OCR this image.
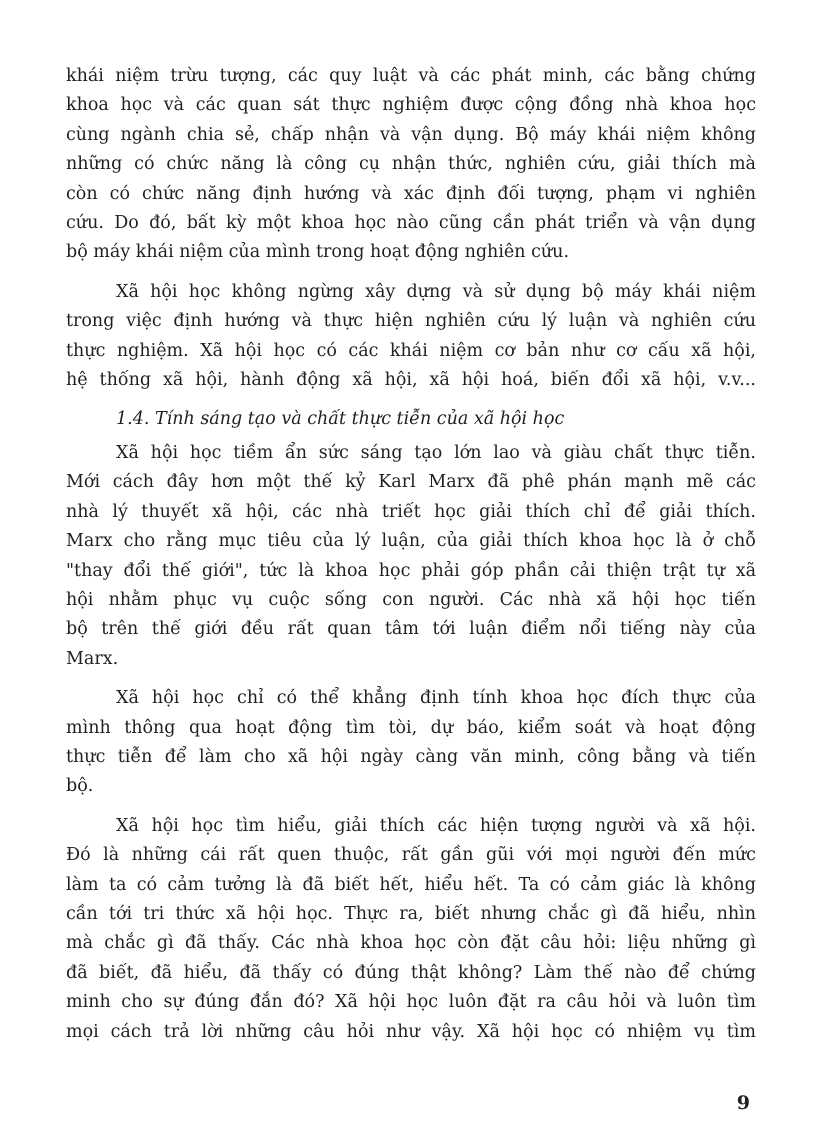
khái niệm trừu tượng, các quy luật và các phát minh, các bằng chứng
khoa học và các quan sát thực nghiệm được cộng đồng nhà khoa học
cùng ngành chia sẻ, chấp nhận và vận dụng. Bộ máy khái niệm không
những có chức năng là công cụ nhận thức, nghiên cứu, giải thích mà
còn có chức năng định hướng và xác định đối tượng, phạm vi nghiên
cứu. Do đó, bất kỳ một khoa học nào cũng cần phát triển và vận dụng
bộ máy khái niệm của mình trong hoạt động nghiên cứu.

Xã hội học không ngừng xây dựng và sử dụng bộ máy khái niệm
trong việc định hướng và thực hiện nghiên cứu lý luận và nghiên cứu
thực nghiệm. Xã hội học có các khái niệm cơ bản như cơ cấu xã hội,
hệ thống xã hội, hành động xã hội, xã hội hoá, biến đổi xã hội, v.v...

1.4. Tính sáng tạo và chất thực tiễn của xã hội học

Xã hội học tiềm ẩn sức sáng tạo lớn lao và giàu chất thực tiễn.
Mới cách đây hơn một thế kỷ Karl Marx đã phê phán mạnh mẽ các
nhà lý thuyết xã hội, các nhà triết học giải thích chỉ để giải thích.
Marx cho rằng mục tiêu của lý luận, của giải thích khoa học là ở chỗ
"thay đổi thế giới", tức là khoa học phải góp phần cải thiện trật tự xã
hội nhằm phục vụ cuộc sống con người. Các nhà xã hội học tiến
bộ trên thế giới đều rất quan tâm tới luận điểm nổi tiếng này của
Marx.

Xã hội học chỉ có thể khẳng định tính khoa học đích thực của
mình thông qua hoạt động tìm tòi, dự báo, kiểm soát và hoạt động
thực tiễn để làm cho xã hội ngày càng văn minh, công bằng và tiến
bộ.

Xã hội học tìm hiểu, giải thích các hiện tượng người và xã hội.
Đó là những cái rất quen thuộc, rất gần gũi với mọi người đến mức
làm ta có cảm tưởng là đã biết hết, hiểu hết. Ta có cảm giác là không
cần tới tri thức xã hội học. Thực ra, biết nhưng chắc gì đã hiểu, nhìn
mà chắc gì đã thấy. Các nhà khoa học còn đặt câu hỏi: liệu những gì
đã biết, đã hiểu, đã thấy có đúng thật không? Làm thế nào để chứng
minh cho sự đúng đắn đó? Xã hội học luôn đặt ra câu hỏi và luôn tìm
mọi cách trả lời những câu hỏi như vậy. Xã hội học có nhiệm vụ tìm

9
